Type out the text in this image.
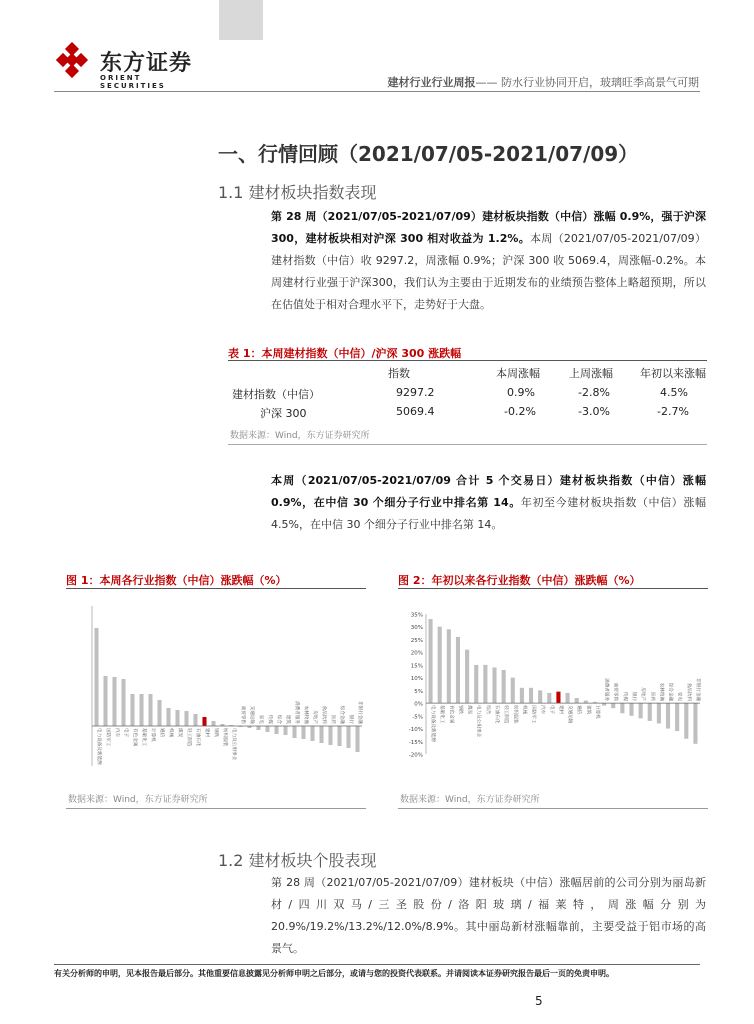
东方证券
ORIENT SECURITIES	建材行业行业周报—— 防水行业协同开启，玻璃旺季高景气可期
一、行情回顾（2021/07/05-2021/07/09）
1.1 建材板块指数表现
第 28 周（2021/07/05-2021/07/09）建材板块指数（中信）涨幅 0.9%，强于沪深 300，建材板块相对沪深 300 相对收益为 1.2%。本周（2021/07/05-2021/07/09）建材指数（中信）收 9297.2，周涨幅 0.9%；沪深 300 收 5069.4，周涨幅-0.2%。本周建材行业强于沪深300，我们认为主要由于近期发布的业绩预告整体上略超预期，所以在估值处于相对合理水平下，走势好于大盘。
表 1：本周建材指数（中信）/沪深 300 涨跌幅
指数	本周涨幅	上周涨幅 年初以来涨幅
建材指数（中信）	9297.2	0.9%	-2.8%	4.5%
沪深 300	5069.4	-0.2%	-3.0%	-2.7%
数据来源：Wind，东方证券研究所
本周（2021/07/05-2021/07/09 合计 5 个交易日）建材板块指数（中信）涨幅 0.9%，在中信 30 个细分子行业中排名第 14。年初至今建材板块指数（中信）涨幅 4.5%，在中信 30 个细分子行业中排名第 14。
图 1：本周各行业指数（中信）涨跌幅（%）
电力设备及新能源 国防军工 汽车 电子 有色金属 基础化工 计算机 通信 机械 煤炭 轻工制造 石油石化 建材 钢铁 纺织服装 电力及公用事业
商贸零售 交通运输 家电 传媒 综合 建筑 消费者服务 农林牧渔 房地产 食品饮料 医药 综合金融 银行 非银行金融
数据来源：Wind，东方证券研究所
图 2：年初以来各行业指数（中信）涨跌幅（%）
35%
30%
25%
20%
15%
10%
5%
0%
-5%
-10%
-15%
-20%
电力设备及新能源 基础化工 有色金属 钢铁 煤炭 电力及公用事业 综合 石油石化 轻工制造 纺织服装 机械 国防军工 汽车 电子 建材 交通运输 通信 建筑 计算机
消费者服务 商贸零售 传媒 银行 房地产 医药 农林牧渔 综合金融 家电 食品饮料 非银行金融
数据来源：Wind，东方证券研究所
1.2 建材板块个股表现
第 28 周（2021/07/05-2021/07/09）建材板块（中信）涨幅居前的公司分别为丽岛新材/四川双马/三圣股份/洛阳玻璃/福莱特，周涨幅分别为 20.9%/19.2%/13.2%/12.0%/8.9%。其中丽岛新材涨幅靠前，主要受益于铝市场的高景气。
有关分析师的申明，见本报告最后部分。其他重要信息披露见分析师申明之后部分，或请与您的投资代表联系。并请阅读本证券研究报告最后一页的免责申明。
5
